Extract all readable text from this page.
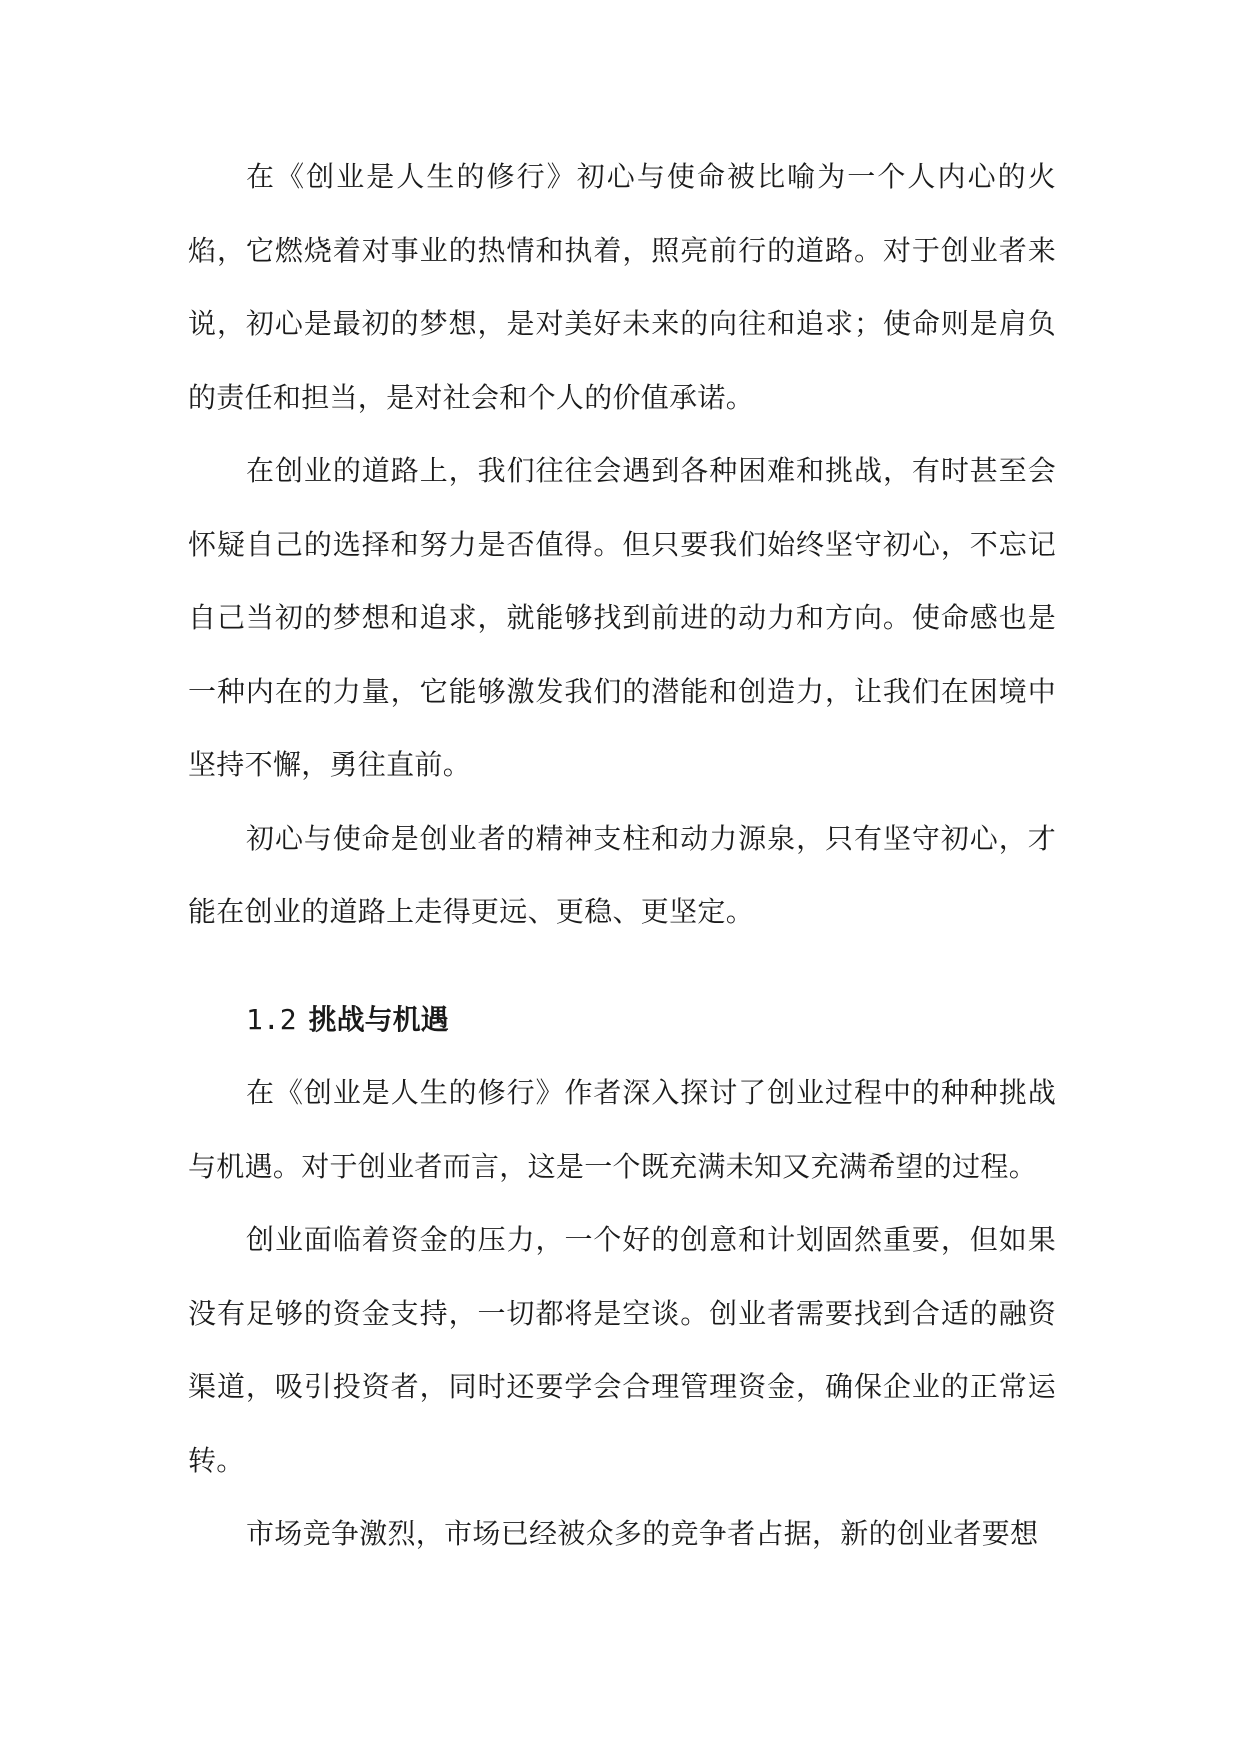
在《创业是人生的修行》初心与使命被比喻为一个人内心的火焰，它燃烧着对事业的热情和执着，照亮前行的道路。对于创业者来说，初心是最初的梦想，是对美好未来的向往和追求；使命则是肩负的责任和担当，是对社会和个人的价值承诺。

在创业的道路上，我们往往会遇到各种困难和挑战，有时甚至会怀疑自己的选择和努力是否值得。但只要我们始终坚守初心，不忘记自己当初的梦想和追求，就能够找到前进的动力和方向。使命感也是一种内在的力量，它能够激发我们的潜能和创造力，让我们在困境中坚持不懈，勇往直前。

初心与使命是创业者的精神支柱和动力源泉，只有坚守初心，才能在创业的道路上走得更远、更稳、更坚定。

1.2 挑战与机遇

在《创业是人生的修行》作者深入探讨了创业过程中的种种挑战与机遇。对于创业者而言，这是一个既充满未知又充满希望的过程。

创业面临着资金的压力，一个好的创意和计划固然重要，但如果没有足够的资金支持，一切都将是空谈。创业者需要找到合适的融资渠道，吸引投资者，同时还要学会合理管理资金，确保企业的正常运转。

市场竞争激烈，市场已经被众多的竞争者占据，新的创业者要想
